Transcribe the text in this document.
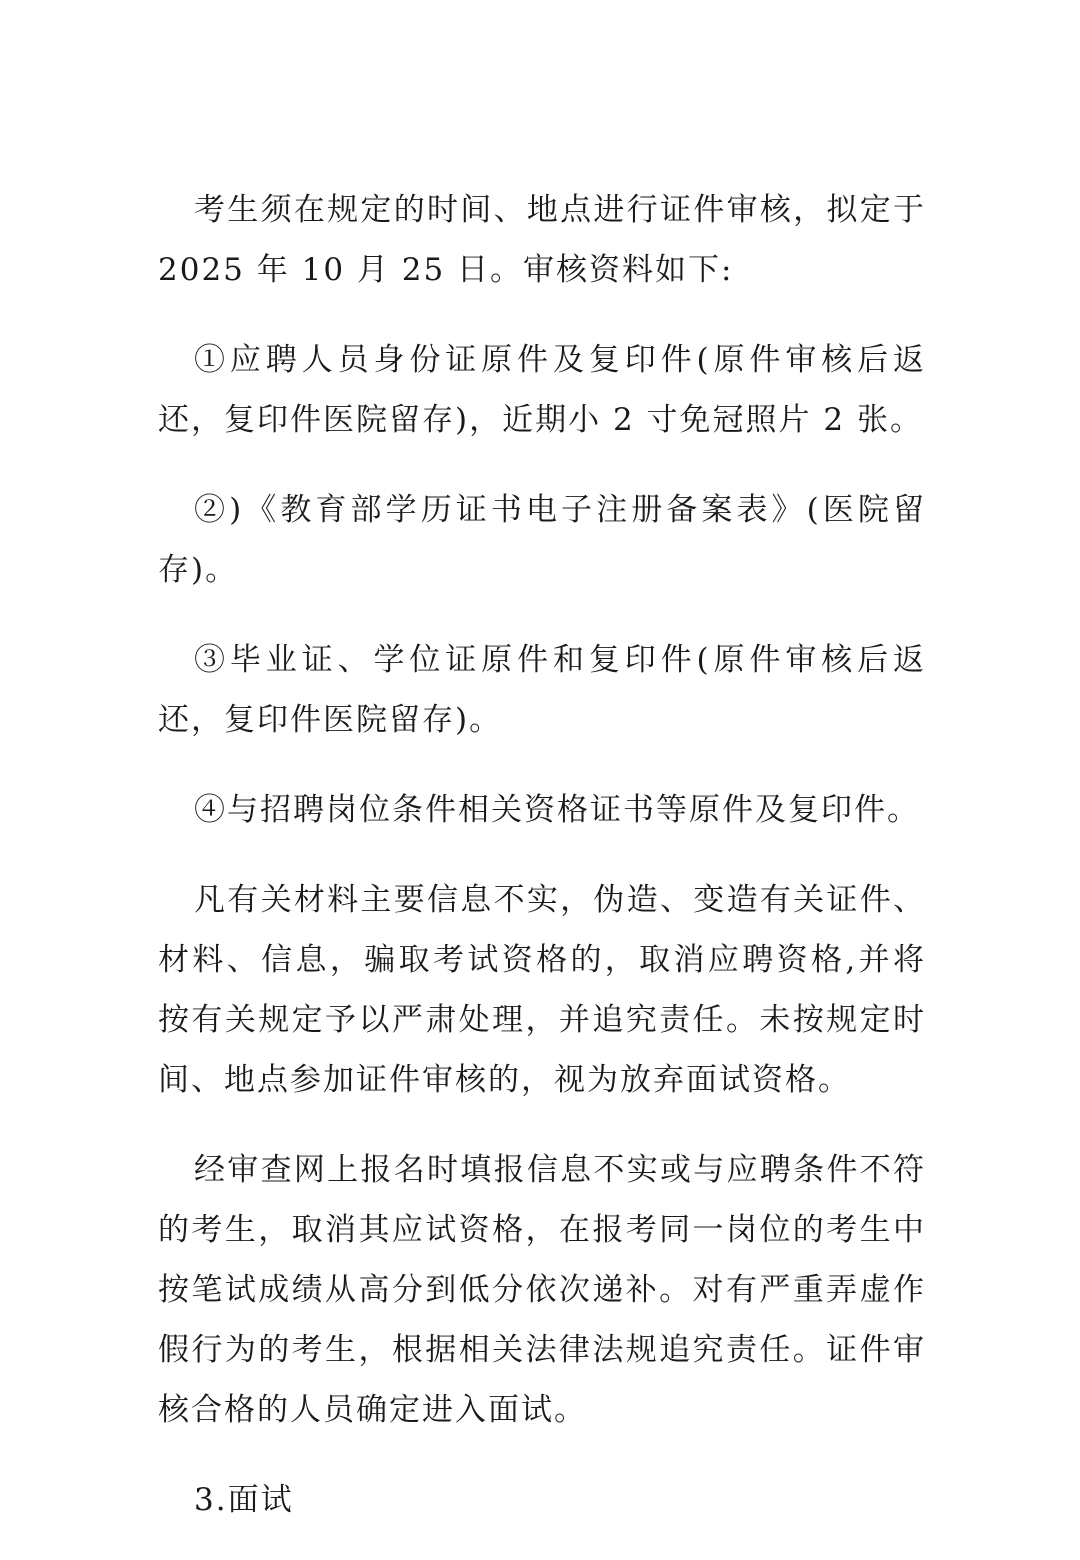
考生须在规定的时间、地点进行证件审核，拟定于 2025 年 10 月 25 日。审核资料如下:

①应聘人员身份证原件及复印件(原件审核后返还，复印件医院留存)，近期小 2 寸免冠照片 2 张。

②)《教育部学历证书电子注册备案表》(医院留存)。

③毕业证、学位证原件和复印件(原件审核后返还，复印件医院留存)。

④与招聘岗位条件相关资格证书等原件及复印件。

凡有关材料主要信息不实，伪造、变造有关证件、材料、信息，骗取考试资格的，取消应聘资格,并将按有关规定予以严肃处理，并追究责任。未按规定时间、地点参加证件审核的，视为放弃面试资格。

经审查网上报名时填报信息不实或与应聘条件不符的考生，取消其应试资格，在报考同一岗位的考生中按笔试成绩从高分到低分依次递补。对有严重弄虚作假行为的考生，根据相关法律法规追究责任。证件审核合格的人员确定进入面试。

3.面试
